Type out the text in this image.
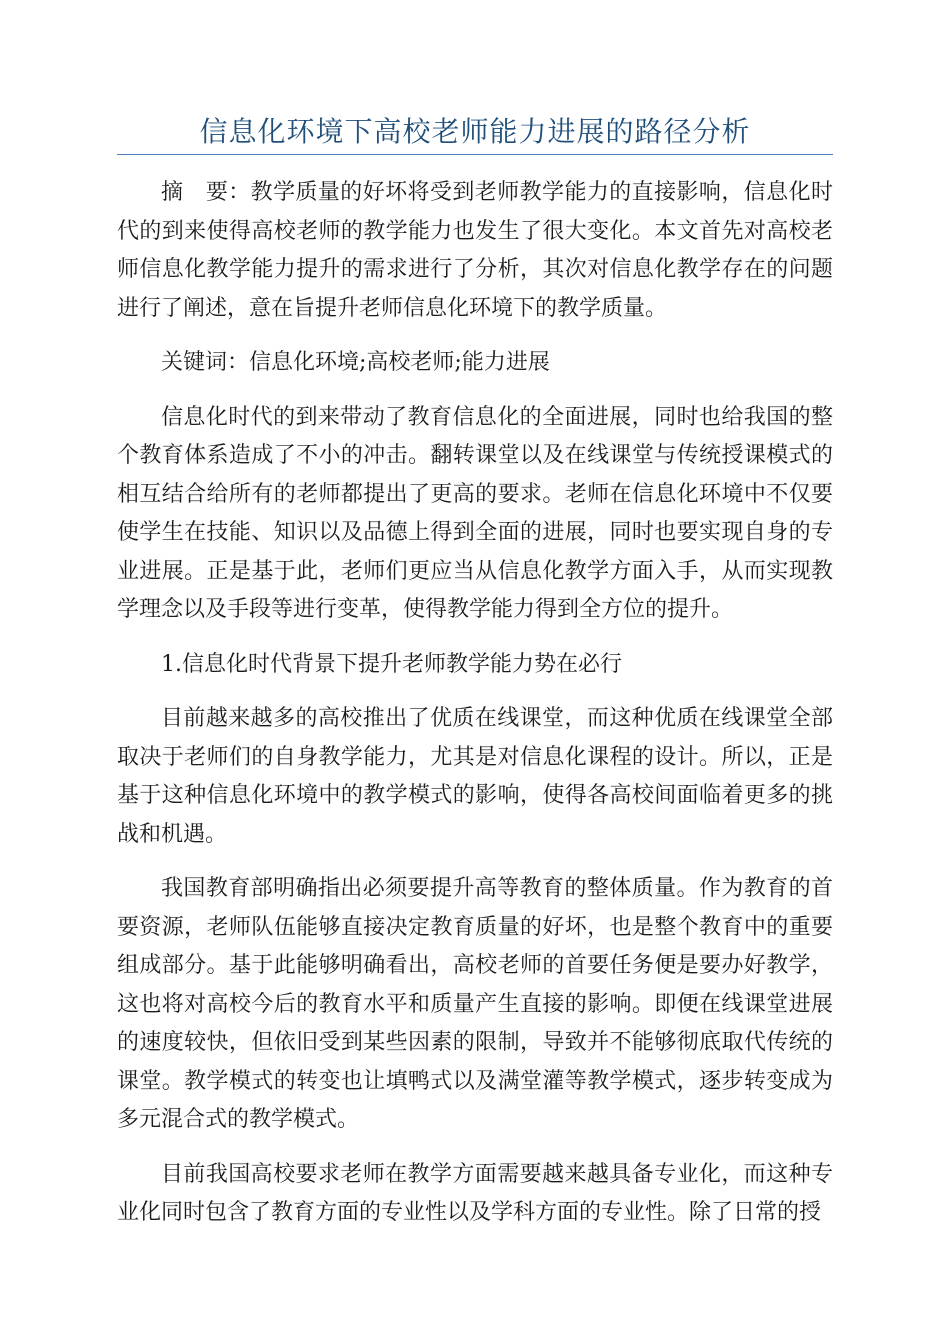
信息化环境下高校老师能力进展的路径分析

摘　要：教学质量的好坏将受到老师教学能力的直接影响，信息化时代的到来使得高校老师的教学能力也发生了很大变化。本文首先对高校老师信息化教学能力提升的需求进行了分析，其次对信息化教学存在的问题进行了阐述，意在旨提升老师信息化环境下的教学质量。

关键词：信息化环境;高校老师;能力进展

信息化时代的到来带动了教育信息化的全面进展，同时也给我国的整个教育体系造成了不小的冲击。翻转课堂以及在线课堂与传统授课模式的相互结合给所有的老师都提出了更高的要求。老师在信息化环境中不仅要使学生在技能、知识以及品德上得到全面的进展，同时也要实现自身的专业进展。正是基于此，老师们更应当从信息化教学方面入手，从而实现教学理念以及手段等进行变革，使得教学能力得到全方位的提升。

1.信息化时代背景下提升老师教学能力势在必行

目前越来越多的高校推出了优质在线课堂，而这种优质在线课堂全部取决于老师们的自身教学能力，尤其是对信息化课程的设计。所以，正是基于这种信息化环境中的教学模式的影响，使得各高校间面临着更多的挑战和机遇。

我国教育部明确指出必须要提升高等教育的整体质量。作为教育的首要资源，老师队伍能够直接决定教育质量的好坏，也是整个教育中的重要组成部分。基于此能够明确看出，高校老师的首要任务便是要办好教学，这也将对高校今后的教育水平和质量产生直接的影响。即便在线课堂进展的速度较快，但依旧受到某些因素的限制，导致并不能够彻底取代传统的课堂。教学模式的转变也让填鸭式以及满堂灌等教学模式，逐步转变成为多元混合式的教学模式。

目前我国高校要求老师在教学方面需要越来越具备专业化，而这种专业化同时包含了教育方面的专业性以及学科方面的专业性。除了日常的授
